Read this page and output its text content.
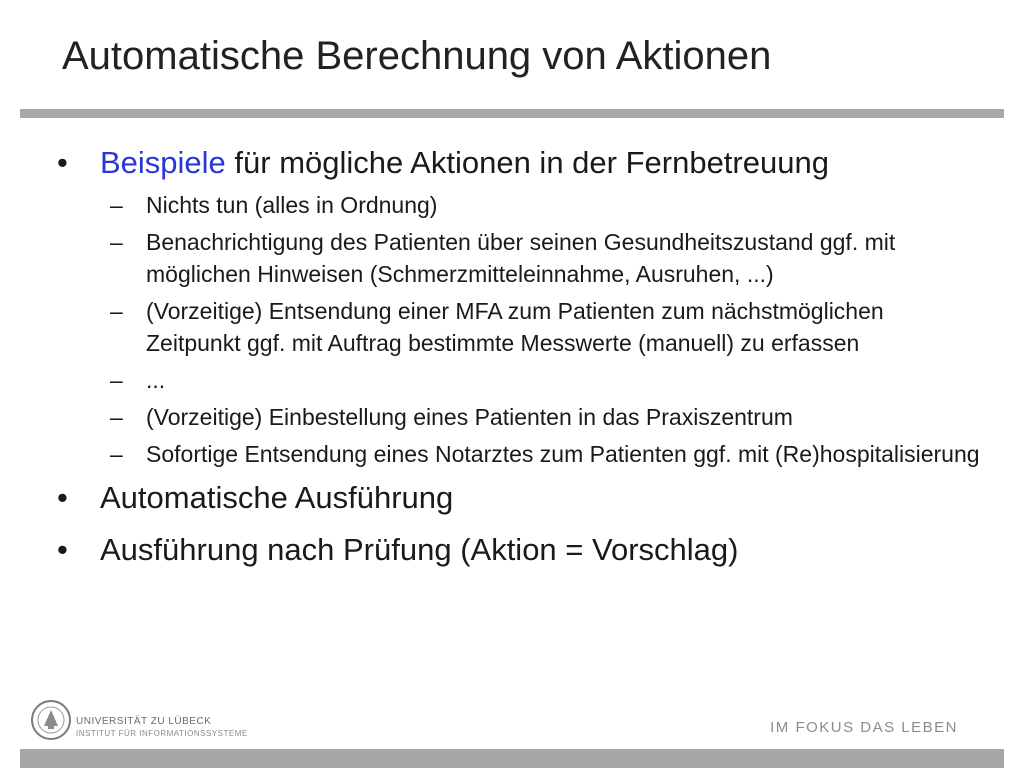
Automatische Berechnung von Aktionen
• Beispiele für mögliche Aktionen in der Fernbetreuung
– Nichts tun (alles in Ordnung)
– Benachrichtigung des Patienten über seinen Gesundheitszustand ggf. mit möglichen Hinweisen (Schmerzmitteleinnahme, Ausruhen, ...)
– (Vorzeitige) Entsendung einer MFA zum Patienten zum nächstmöglichen Zeitpunkt ggf. mit Auftrag bestimmte Messwerte (manuell) zu erfassen
– ...
– (Vorzeitige) Einbestellung eines Patienten in das Praxiszentrum
– Sofortige Entsendung eines Notarztes zum Patienten ggf. mit (Re)hospitalisierung
• Automatische Ausführung
• Ausführung nach Prüfung (Aktion = Vorschlag)
UNIVERSITÄT ZU LÜBECK
INSTITUT FÜR INFORMATIONSSYSTEME	IM FOKUS DAS LEBEN
